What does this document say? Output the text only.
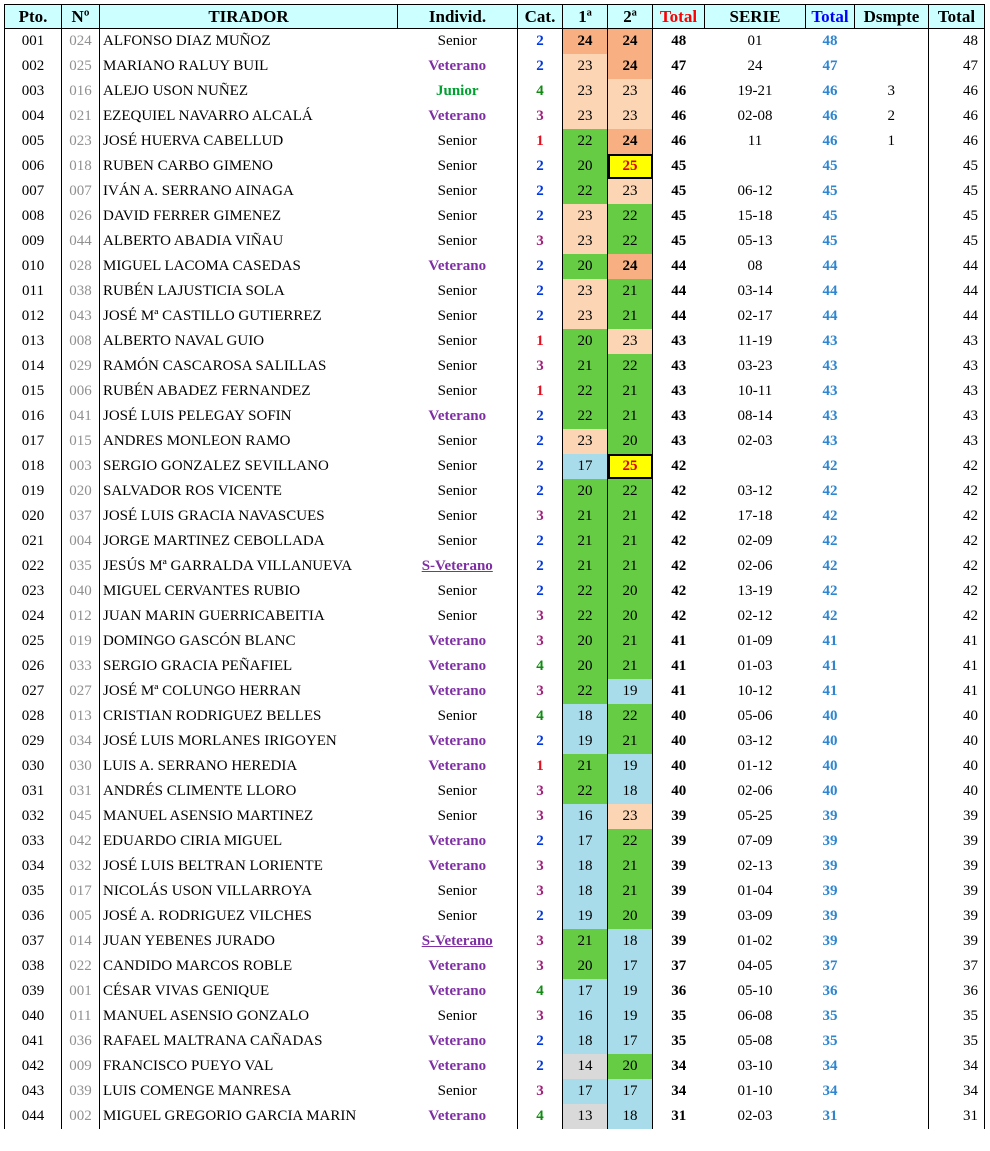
Pto.	Nº	TIRADOR	Individ.	Cat.	1ª	2ª	Total	SERIE	Total	Dsmpte	Total
001	024	ALFONSO DIAZ MUÑOZ	Senior	2	24	24	48	01	48		48
002	025	MARIANO RALUY BUIL	Veterano	2	23	24	47	24	47		47
003	016	ALEJO USON NUÑEZ	Junior	4	23	23	46	19-21	46	3	46
004	021	EZEQUIEL NAVARRO ALCALÁ	Veterano	3	23	23	46	02-08	46	2	46
005	023	JOSÉ HUERVA CABELLUD	Senior	1	22	24	46	11	46	1	46
006	018	RUBEN CARBO GIMENO	Senior	2	20	25	45		45		45
007	007	IVÁN A. SERRANO AINAGA	Senior	2	22	23	45	06-12	45		45
008	026	DAVID FERRER GIMENEZ	Senior	2	23	22	45	15-18	45		45
009	044	ALBERTO ABADIA VIÑAU	Senior	3	23	22	45	05-13	45		45
010	028	MIGUEL LACOMA CASEDAS	Veterano	2	20	24	44	08	44		44
011	038	RUBÉN LAJUSTICIA SOLA	Senior	2	23	21	44	03-14	44		44
012	043	JOSÉ Mª CASTILLO GUTIERREZ	Senior	2	23	21	44	02-17	44		44
013	008	ALBERTO NAVAL GUIO	Senior	1	20	23	43	11-19	43		43
014	029	RAMÓN CASCAROSA SALILLAS	Senior	3	21	22	43	03-23	43		43
015	006	RUBÉN ABADEZ FERNANDEZ	Senior	1	22	21	43	10-11	43		43
016	041	JOSÉ LUIS PELEGAY SOFIN	Veterano	2	22	21	43	08-14	43		43
017	015	ANDRES MONLEON RAMO	Senior	2	23	20	43	02-03	43		43
018	003	SERGIO GONZALEZ SEVILLANO	Senior	2	17	25	42		42		42
019	020	SALVADOR ROS VICENTE	Senior	2	20	22	42	03-12	42		42
020	037	JOSÉ LUIS GRACIA NAVASCUES	Senior	3	21	21	42	17-18	42		42
021	004	JORGE MARTINEZ CEBOLLADA	Senior	2	21	21	42	02-09	42		42
022	035	JESÚS Mª GARRALDA VILLANUEVA	S-Veterano	2	21	21	42	02-06	42		42
023	040	MIGUEL CERVANTES RUBIO	Senior	2	22	20	42	13-19	42		42
024	012	JUAN MARIN GUERRICABEITIA	Senior	3	22	20	42	02-12	42		42
025	019	DOMINGO GASCÓN BLANC	Veterano	3	20	21	41	01-09	41		41
026	033	SERGIO GRACIA PEÑAFIEL	Veterano	4	20	21	41	01-03	41		41
027	027	JOSÉ Mª COLUNGO HERRAN	Veterano	3	22	19	41	10-12	41		41
028	013	CRISTIAN RODRIGUEZ BELLES	Senior	4	18	22	40	05-06	40		40
029	034	JOSÉ LUIS MORLANES IRIGOYEN	Veterano	2	19	21	40	03-12	40		40
030	030	LUIS A. SERRANO HEREDIA	Veterano	1	21	19	40	01-12	40		40
031	031	ANDRÉS CLIMENTE LLORO	Senior	3	22	18	40	02-06	40		40
032	045	MANUEL ASENSIO MARTINEZ	Senior	3	16	23	39	05-25	39		39
033	042	EDUARDO CIRIA MIGUEL	Veterano	2	17	22	39	07-09	39		39
034	032	JOSÉ LUIS BELTRAN LORIENTE	Veterano	3	18	21	39	02-13	39		39
035	017	NICOLÁS USON VILLARROYA	Senior	3	18	21	39	01-04	39		39
036	005	JOSÉ A. RODRIGUEZ VILCHES	Senior	2	19	20	39	03-09	39		39
037	014	JUAN YEBENES JURADO	S-Veterano	3	21	18	39	01-02	39		39
038	022	CANDIDO MARCOS ROBLE	Veterano	3	20	17	37	04-05	37		37
039	001	CÉSAR VIVAS GENIQUE	Veterano	4	17	19	36	05-10	36		36
040	011	MANUEL ASENSIO GONZALO	Senior	3	16	19	35	06-08	35		35
041	036	RAFAEL MALTRANA CAÑADAS	Veterano	2	18	17	35	05-08	35		35
042	009	FRANCISCO PUEYO VAL	Veterano	2	14	20	34	03-10	34		34
043	039	LUIS COMENGE MANRESA	Senior	3	17	17	34	01-10	34		34
044	002	MIGUEL GREGORIO GARCIA MARIN	Veterano	4	13	18	31	02-03	31		31
